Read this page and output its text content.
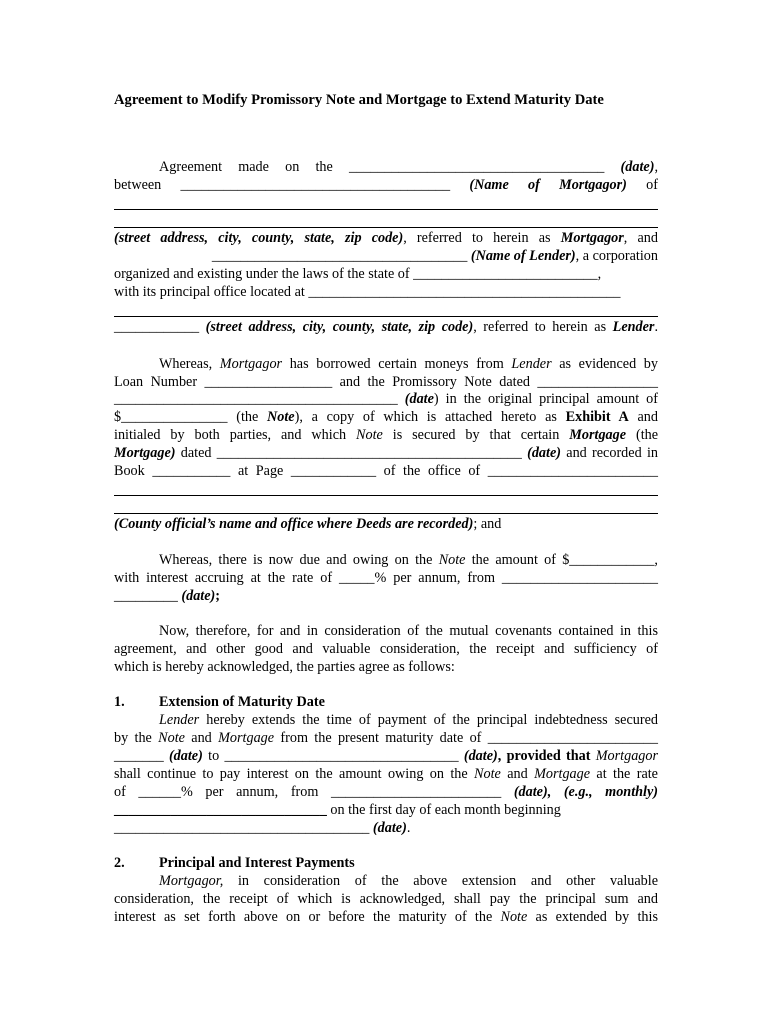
Agreement to Modify Promissory Note and Mortgage to Extend Maturity Date
Agreement made on the ____________________________________ (date),
between ______________________________________ (Name of Mortgagor) of
(street address, city, county, state, zip code), referred to herein as Mortgagor, and
____________________________________ (Name of Lender), a corporation
organized and existing under the laws of the state of __________________________,
with its principal office located at ____________________________________________
____________ (street address, city, county, state, zip code), referred to herein as Lender.
Whereas, Mortgagor has borrowed certain moneys from Lender as evidenced by
Loan Number __________________ and the Promissory Note dated _________________
________________________________________ (date) in the original principal amount of
$_______________ (the Note), a copy of which is attached hereto as Exhibit A and
initialed by both parties, and which Note is secured by that certain Mortgage (the
Mortgage) dated ___________________________________________ (date) and recorded in
Book ___________ at Page ____________ of the office of ________________________
(County official’s name and office where Deeds are recorded); and
Whereas, there is now due and owing on the Note the amount of $____________,
with interest accruing at the rate of _____% per annum, from ______________________
_________ (date);
Now, therefore, for and in consideration of the mutual covenants contained in this
agreement, and other good and valuable consideration, the receipt and sufficiency of
which is hereby acknowledged, the parties agree as follows:
1. Extension of Maturity Date
Lender hereby extends the time of payment of the principal indebtedness secured
by the Note and Mortgage from the present maturity date of ________________________
_______ (date) to _________________________________ (date), provided that Mortgagor
shall continue to pay interest on the amount owing on the Note and Mortgage at the rate
of ______% per annum, from ________________________ (date), (e.g., monthly)
______________________________ on the first day of each month beginning
____________________________________ (date).
2. Principal and Interest Payments
Mortgagor, in consideration of the above extension and other valuable
consideration, the receipt of which is acknowledged, shall pay the principal sum and
interest as set forth above on or before the maturity of the Note as extended by this
